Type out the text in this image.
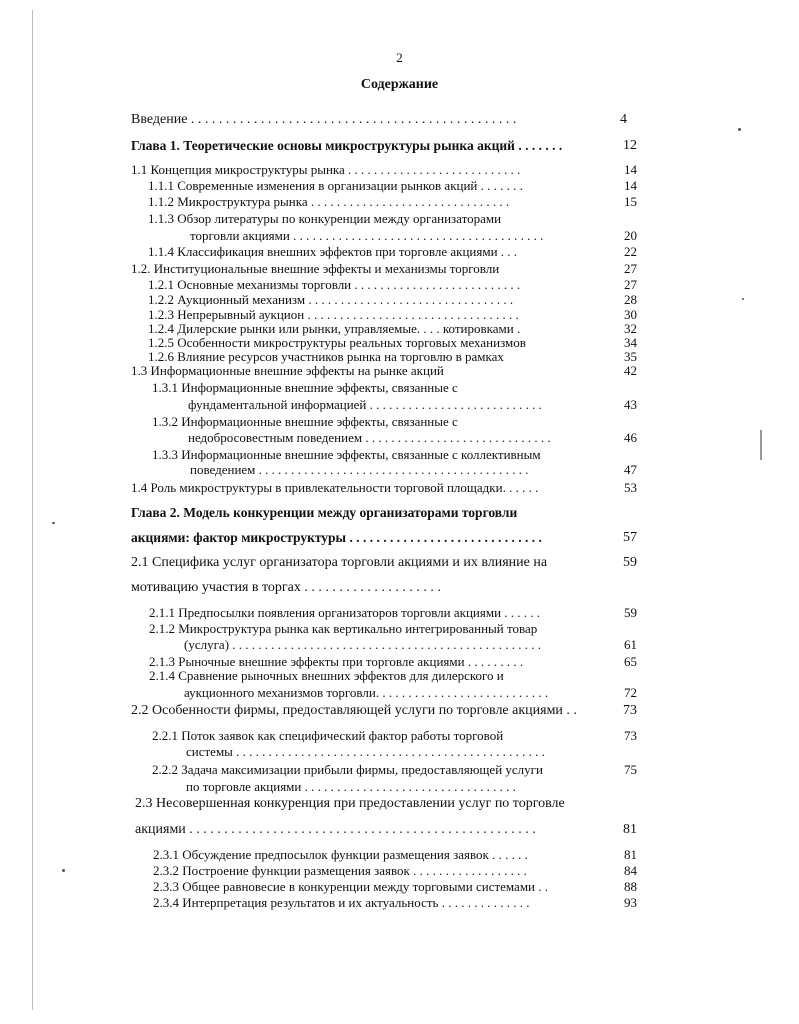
2
Содержание
Введение . . . . . . . . . . . . . . . . . . . . . . . . . . . . . . . . . . . . . . . . . . . . . . .	4
Глава 1. Теоретические основы микроструктуры рынка акций . . . . . . .	12
1.1 Концепция микроструктуры рынка . . . . . . . . . . . . . . . . . . . . . . . . . . .	14
1.1.1 Современные изменения в организации рынков акций . . . . . . .	14
1.1.2 Микроструктура рынка . . . . . . . . . . . . . . . . . . . . . . . . . . . . . . .	15
1.1.3 Обзор литературы по конкуренции между организаторами
торговли акциями . . . . . . . . . . . . . . . . . . . . . . . . . . . . . . . . . . . . . . .	20
1.1.4 Классификация внешних эффектов при торговле акциями . . .	22
1.2. Институциональные внешние эффекты и механизмы торговли	27
1.2.1 Основные механизмы торговли . . . . . . . . . . . . . . . . . . . . . . . . . .	27
1.2.2 Аукционный механизм . . . . . . . . . . . . . . . . . . . . . . . . . . . . . . . .	28
1.2.3 Непрерывный аукцион . . . . . . . . . . . . . . . . . . . . . . . . . . . . . . . . .	30
1.2.4 Дилерские рынки или рынки, управляемые. . . . котировками .	32
1.2.5 Особенности микроструктуры реальных торговых механизмов	34
1.2.6 Влияние ресурсов участников рынка на торговлю в рамках	35
1.3 Информационные внешние эффекты на рынке акций	42
1.3.1 Информационные внешние эффекты, связанные с
фундаментальной информацией . . . . . . . . . . . . . . . . . . . . . . . . . . .	43
1.3.2 Информационные внешние эффекты, связанные с
недобросовестным поведением . . . . . . . . . . . . . . . . . . . . . . . . . . . . .	46
1.3.3 Информационные внешние эффекты, связанные с коллективным
поведением . . . . . . . . . . . . . . . . . . . . . . . . . . . . . . . . . . . . . . . . . .	47
1.4 Роль микроструктуры в привлекательности торговой площадки. . . . . .	53
Глава 2. Модель конкуренции между организаторами торговли
акциями: фактор микроструктуры . . . . . . . . . . . . . . . . . . . . . . . . . . . . .	57
2.1 Специфика услуг организатора торговли акциями и их влияние на	59
мотивацию участия в торгах . . . . . . . . . . . . . . . . . . . .
2.1.1 Предпосылки появления организаторов торговли акциями . . . . . .	59
2.1.2 Микроструктура рынка как вертикально интегрированный товар
(услуга) . . . . . . . . . . . . . . . . . . . . . . . . . . . . . . . . . . . . . . . . . . . . . . . .	61
2.1.3 Рыночные внешние эффекты при торговле акциями . . . . . . . . .	65
2.1.4 Сравнение рыночных внешних эффектов для дилерского и
аукционного механизмов торговли. . . . . . . . . . . . . . . . . . . . . . . . . . .	72
2.2 Особенности фирмы, предоставляющей услуги по торговле акциями . .	73
2.2.1 Поток заявок как специфический фактор работы торговой	73
системы . . . . . . . . . . . . . . . . . . . . . . . . . . . . . . . . . . . . . . . . . . . . . . . .
2.2.2 Задача максимизации прибыли фирмы, предоставляющей услуги	75
по торговле акциями . . . . . . . . . . . . . . . . . . . . . . . . . . . . . . . . .
2.3 Несовершенная конкуренция при предоставлении услуг по торговле
акциями . . . . . . . . . . . . . . . . . . . . . . . . . . . . . . . . . . . . . . . . . . . . . . . . . .	81
2.3.1 Обсуждение предпосылок функции размещения заявок . . . . . .	81
2.3.2 Построение функции размещения заявок . . . . . . . . . . . . . . . . . .	84
2.3.3 Общее равновесие в конкуренции между торговыми системами . .	88
2.3.4 Интерпретация результатов и их актуальность . . . . . . . . . . . . . .	93
